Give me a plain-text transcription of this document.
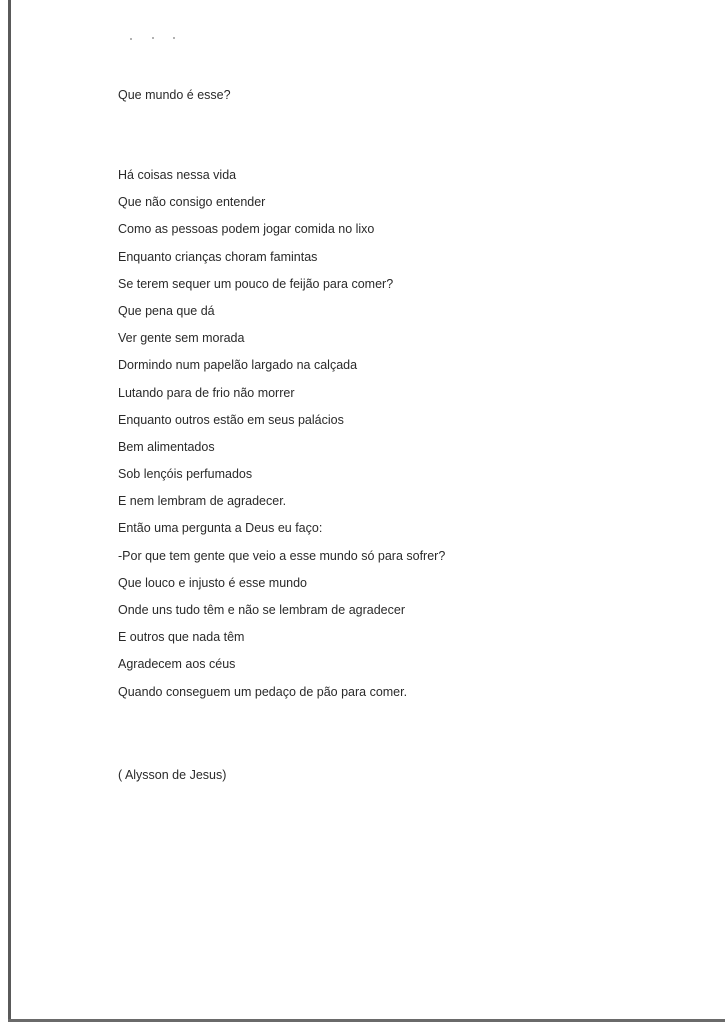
Que mundo é esse?
Há coisas nessa vida
Que não consigo entender
Como as pessoas podem jogar comida no lixo
Enquanto crianças choram famintas
Se terem sequer um pouco de feijão para comer?
Que pena que dá
Ver gente sem morada
Dormindo num papelão largado na calçada
Lutando para de frio não morrer
Enquanto outros estão em seus palácios
Bem alimentados
Sob lençóis perfumados
E nem lembram de agradecer.
Então uma pergunta a Deus eu faço:
-Por que tem gente que veio a esse mundo só para sofrer?
Que louco e injusto é esse mundo
Onde uns tudo têm e não se lembram de agradecer
E outros que nada têm
Agradecem aos céus
Quando conseguem um pedaço de pão para comer.
( Alysson de Jesus)
